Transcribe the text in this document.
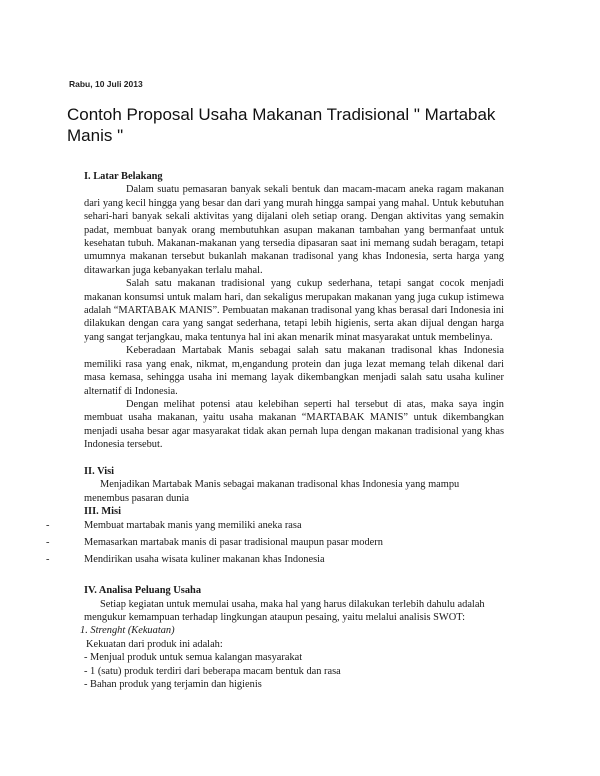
Rabu, 10 Juli 2013
Contoh Proposal Usaha Makanan Tradisional " Martabak Manis "

I. Latar Belakang

Dalam suatu pemasaran banyak sekali bentuk dan macam-macam aneka ragam makanan dari yang kecil hingga yang besar dan dari yang murah hingga sampai yang mahal. Untuk kebutuhan sehari-hari banyak sekali aktivitas yang dijalani oleh setiap orang. Dengan aktivitas yang semakin padat, membuat banyak orang membutuhkan asupan makanan tambahan yang bermanfaat untuk kesehatan tubuh. Makanan-makanan yang tersedia dipasaran saat ini memang sudah beragam, tetapi umumnya makanan tersebut bukanlah makanan tradisonal yang khas Indonesia, serta harga yang ditawarkan juga kebanyakan terlalu mahal.

Salah satu makanan tradisional yang cukup sederhana, tetapi sangat cocok menjadi makanan konsumsi untuk malam hari, dan sekaligus merupakan makanan yang juga cukup istimewa adalah “MARTABAK MANIS”. Pembuatan makanan tradisonal yang khas berasal dari Indonesia ini dilakukan dengan cara yang sangat sederhana, tetapi lebih higienis, serta akan dijual dengan harga yang sangat terjangkau, maka tentunya hal ini akan menarik minat masyarakat untuk membelinya.

Keberadaan Martabak Manis sebagai salah satu makanan tradisonal khas Indonesia memiliki rasa yang enak, nikmat, m,engandung protein dan juga lezat memang telah dikenal dari masa kemasa, sehingga usaha ini memang layak dikembangkan menjadi salah satu usaha kuliner alternatif di Indonesia.

Dengan melihat potensi atau kelebihan seperti hal tersebut di atas, maka saya ingin membuat usaha makanan, yaitu usaha makanan “MARTABAK MANIS” untuk dikembangkan menjadi usaha besar agar masyarakat tidak akan pernah lupa dengan makanan tradisional yang khas Indonesia tersebut.

II. Visi

Menjadikan Martabak Manis sebagai makanan tradisonal khas Indonesia yang mampu menembus pasaran dunia

III. Misi

-	Membuat martabak manis yang memiliki aneka rasa
-	Memasarkan martabak manis di pasar tradisional maupun pasar modern
-	Mendirikan usaha wisata kuliner makanan khas Indonesia

IV. Analisa Peluang Usaha

Setiap kegiatan untuk memulai usaha, maka hal yang harus dilakukan terlebih dahulu adalah mengukur kemampuan terhadap lingkungan ataupun pesaing, yaitu melalui analisis SWOT:

1. Strenght (Kekuatan)

Kekuatan dari produk ini adalah:

- Menjual produk untuk semua kalangan masyarakat

- 1 (satu) produk terdiri dari beberapa macam bentuk dan rasa

- Bahan produk yang terjamin dan higienis
